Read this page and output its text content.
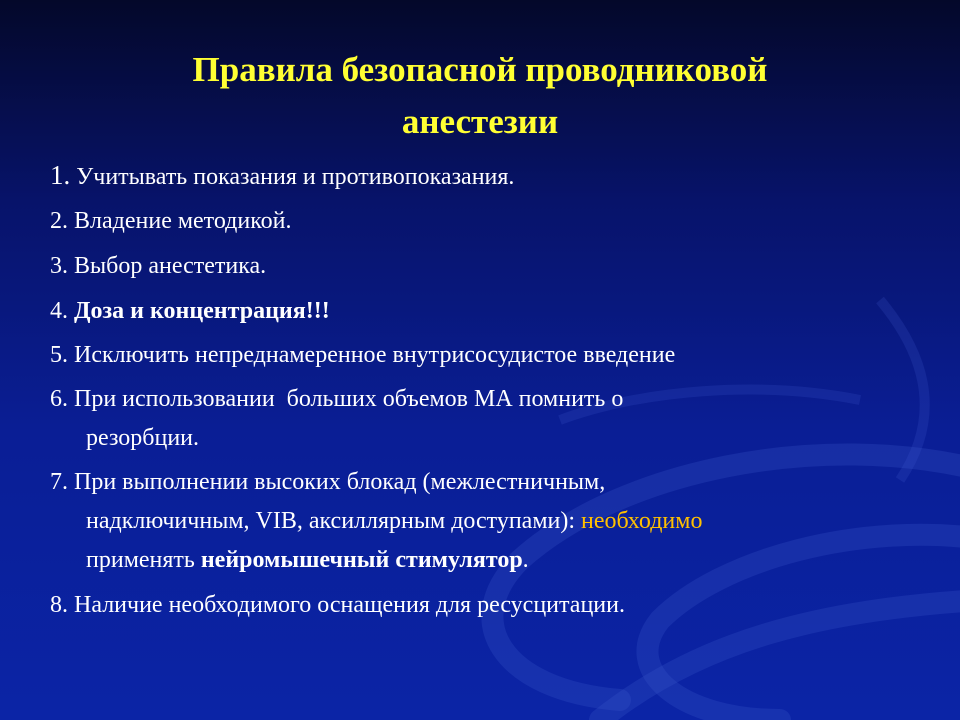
Правила безопасной проводниковой
анестезии
1. Учитывать показания и противопоказания.
2. Владение методикой.
3. Выбор анестетика.
4. Доза и концентрация!!!
5. Исключить непреднамеренное внутрисосудистое введение
6. При использовании  больших объемов МА помнить о
резорбции.
7. При выполнении высоких блокад (межлестничным,
надключичным, VIB, аксиллярным доступами): необходимо
применять нейромышечный стимулятор.
8. Наличие необходимого оснащения для ресусцитации.
